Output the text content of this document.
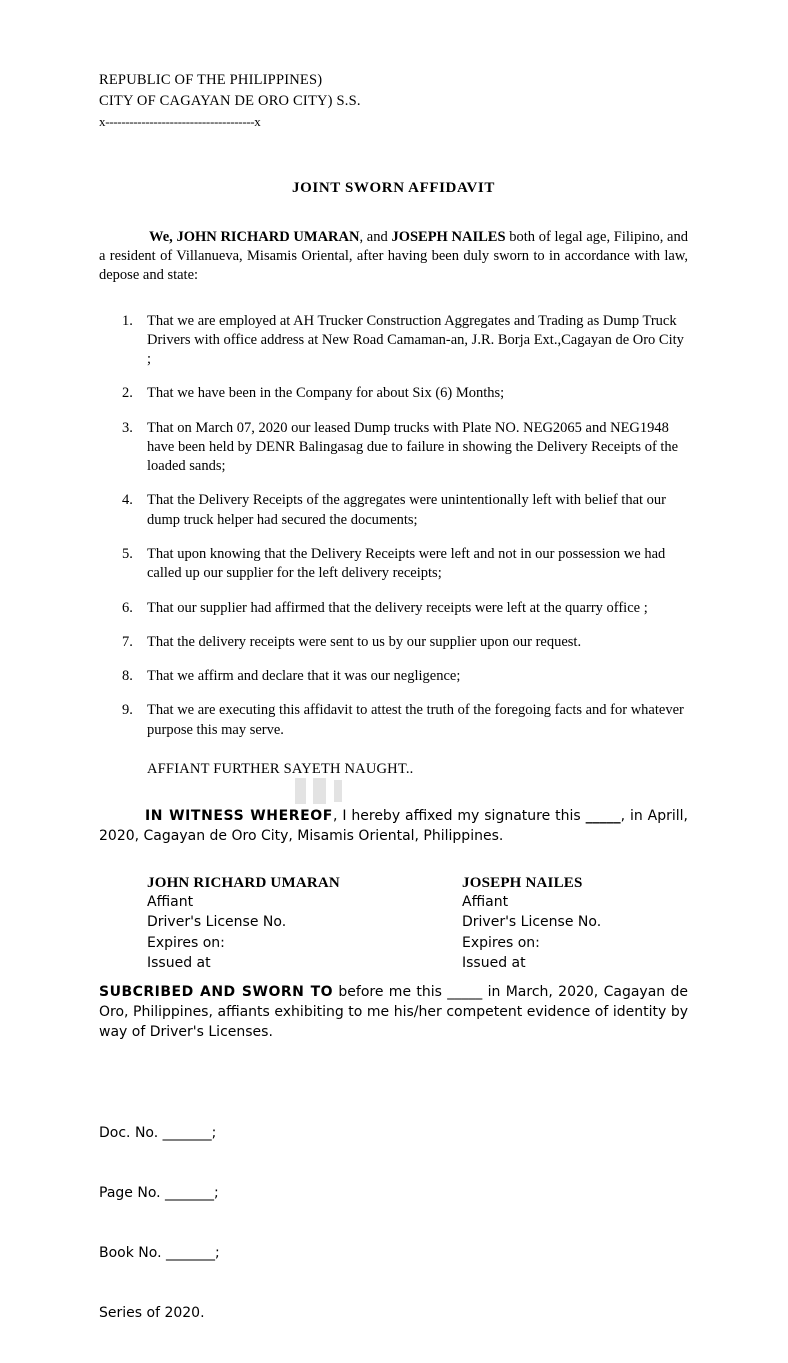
REPUBLIC OF THE PHILIPPINES)
CITY OF CAGAYAN DE ORO CITY) S.S.
x-------------------------------------x
JOINT SWORN AFFIDAVIT

We, JOHN RICHARD UMARAN, and JOSEPH NAILES both of legal age, Filipino, and a resident of Villanueva, Misamis Oriental, after having been duly sworn to in accordance with law, depose and state:

1. That we are employed at AH Trucker Construction Aggregates and Trading as Dump Truck Drivers with office address at New Road Camaman-an, J.R. Borja Ext.,Cagayan de Oro City ;
2. That we have been in the Company for about Six (6) Months;
3. That on March 07, 2020 our leased Dump trucks with Plate NO. NEG2065 and NEG1948 have been held by DENR Balingasag due to failure in showing the Delivery Receipts of the loaded sands;
4. That the Delivery Receipts of the aggregates were unintentionally left with belief that our dump truck helper had secured the documents;
5. That upon knowing that the Delivery Receipts were left and not in our possession we had called up our supplier for the left delivery receipts;
6. That our supplier had affirmed that the delivery receipts were left at the quarry office ;
7. That the delivery receipts were sent to us by our supplier upon our request.
8. That we affirm and declare that it was our negligence;
9. That we are executing this affidavit to attest the truth of the foregoing facts and for whatever purpose this may serve.
AFFIANT FURTHER SAYETH NAUGHT..

IN WITNESS WHEREOF, I hereby affixed my signature this _____, in Aprill, 2020, Cagayan de Oro City, Misamis Oriental, Philippines.

JOHN RICHARD UMARAN
Affiant
Driver's License No.
Expires on:
Issued at
JOSEPH NAILES
Affiant
Driver's License No.
Expires on:
Issued at

SUBCRIBED AND SWORN TO before me this _____ in March, 2020, Cagayan de Oro, Philippines, affiants exhibiting to me his/her competent evidence of identity by way of Driver's Licenses.

Doc. No. _______;

Page No. _______;

Book No. _______;

Series of 2020.
